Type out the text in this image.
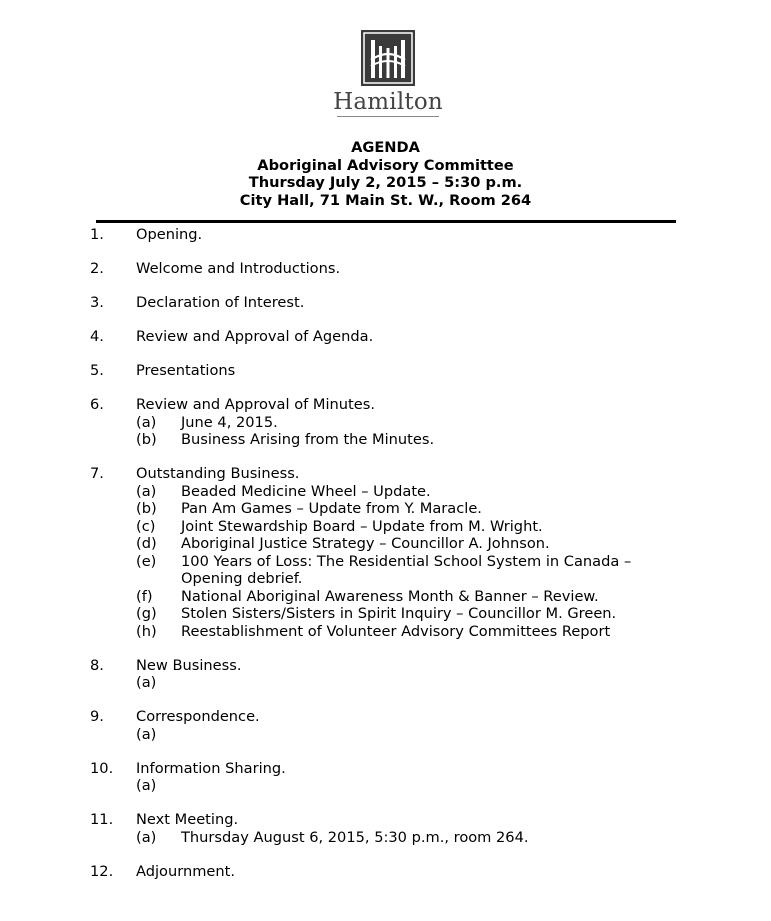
Hamilton
AGENDA
Aboriginal Advisory Committee
Thursday July 2, 2015 – 5:30 p.m.
City Hall, 71 Main St. W., Room 264
1. Opening.
2. Welcome and Introductions.
3. Declaration of Interest.
4. Review and Approval of Agenda.
5. Presentations
6. Review and Approval of Minutes.
(a) June 4, 2015.
(b) Business Arising from the Minutes.
7. Outstanding Business.
(a) Beaded Medicine Wheel – Update.
(b) Pan Am Games – Update from Y. Maracle.
(c) Joint Stewardship Board – Update from M. Wright.
(d) Aboriginal Justice Strategy – Councillor A. Johnson.
(e) 100 Years of Loss: The Residential School System in Canada – Opening debrief.
(f) National Aboriginal Awareness Month & Banner – Review.
(g) Stolen Sisters/Sisters in Spirit Inquiry – Councillor M. Green.
(h) Reestablishment of Volunteer Advisory Committees Report
8. New Business.
(a)
9. Correspondence.
(a)
10. Information Sharing.
(a)
11. Next Meeting.
(a) Thursday August 6, 2015, 5:30 p.m., room 264.
12. Adjournment.
